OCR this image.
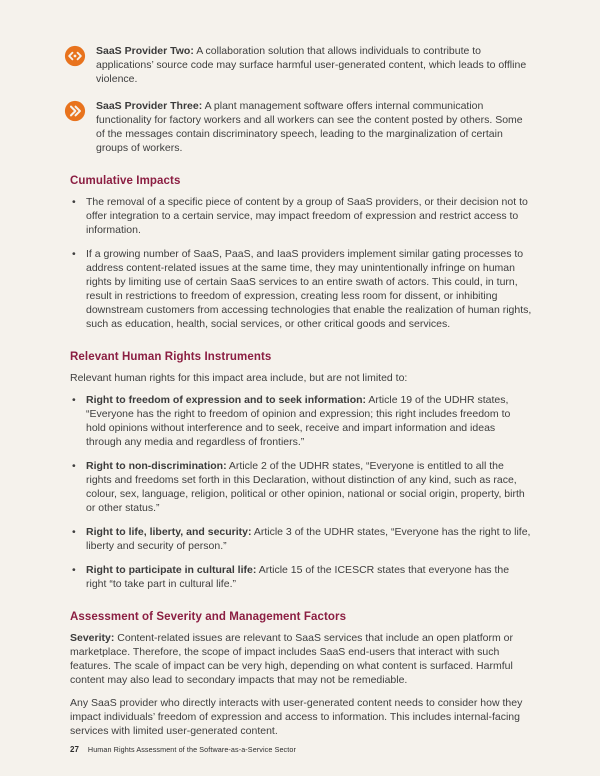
SaaS Provider Two: A collaboration solution that allows individuals to contribute to applications’ source code may surface harmful user-generated content, which leads to offline violence.

SaaS Provider Three: A plant management software offers internal communication functionality for factory workers and all workers can see the content posted by others. Some of the messages contain discriminatory speech, leading to the marginalization of certain groups of workers.

Cumulative Impacts
• The removal of a specific piece of content by a group of SaaS providers, or their decision not to offer integration to a certain service, may impact freedom of expression and restrict access to information.
• If a growing number of SaaS, PaaS, and IaaS providers implement similar gating processes to address content-related issues at the same time, they may unintentionally infringe on human rights by limiting use of certain SaaS services to an entire swath of actors. This could, in turn, result in restrictions to freedom of expression, creating less room for dissent, or inhibiting downstream customers from accessing technologies that enable the realization of human rights, such as education, health, social services, or other critical goods and services.
Relevant Human Rights Instruments

Relevant human rights for this impact area include, but are not limited to:

• Right to freedom of expression and to seek information: Article 19 of the UDHR states, “Everyone has the right to freedom of opinion and expression; this right includes freedom to hold opinions without interference and to seek, receive and impart information and ideas through any media and regardless of frontiers.”
• Right to non-discrimination: Article 2 of the UDHR states, “Everyone is entitled to all the rights and freedoms set forth in this Declaration, without distinction of any kind, such as race, colour, sex, language, religion, political or other opinion, national or social origin, property, birth or other status.”
• Right to life, liberty, and security: Article 3 of the UDHR states, “Everyone has the right to life, liberty and security of person.”
• Right to participate in cultural life: Article 15 of the ICESCR states that everyone has the right “to take part in cultural life.”
Assessment of Severity and Management Factors

Severity: Content-related issues are relevant to SaaS services that include an open platform or marketplace. Therefore, the scope of impact includes SaaS end-users that interact with such features. The scale of impact can be very high, depending on what content is surfaced. Harmful content may also lead to secondary impacts that may not be remediable.

Any SaaS provider who directly interacts with user-generated content needs to consider how they impact individuals’ freedom of expression and access to information. This includes internal-facing services with limited user-generated content.

27 Human Rights Assessment of the Software-as-a-Service Sector
